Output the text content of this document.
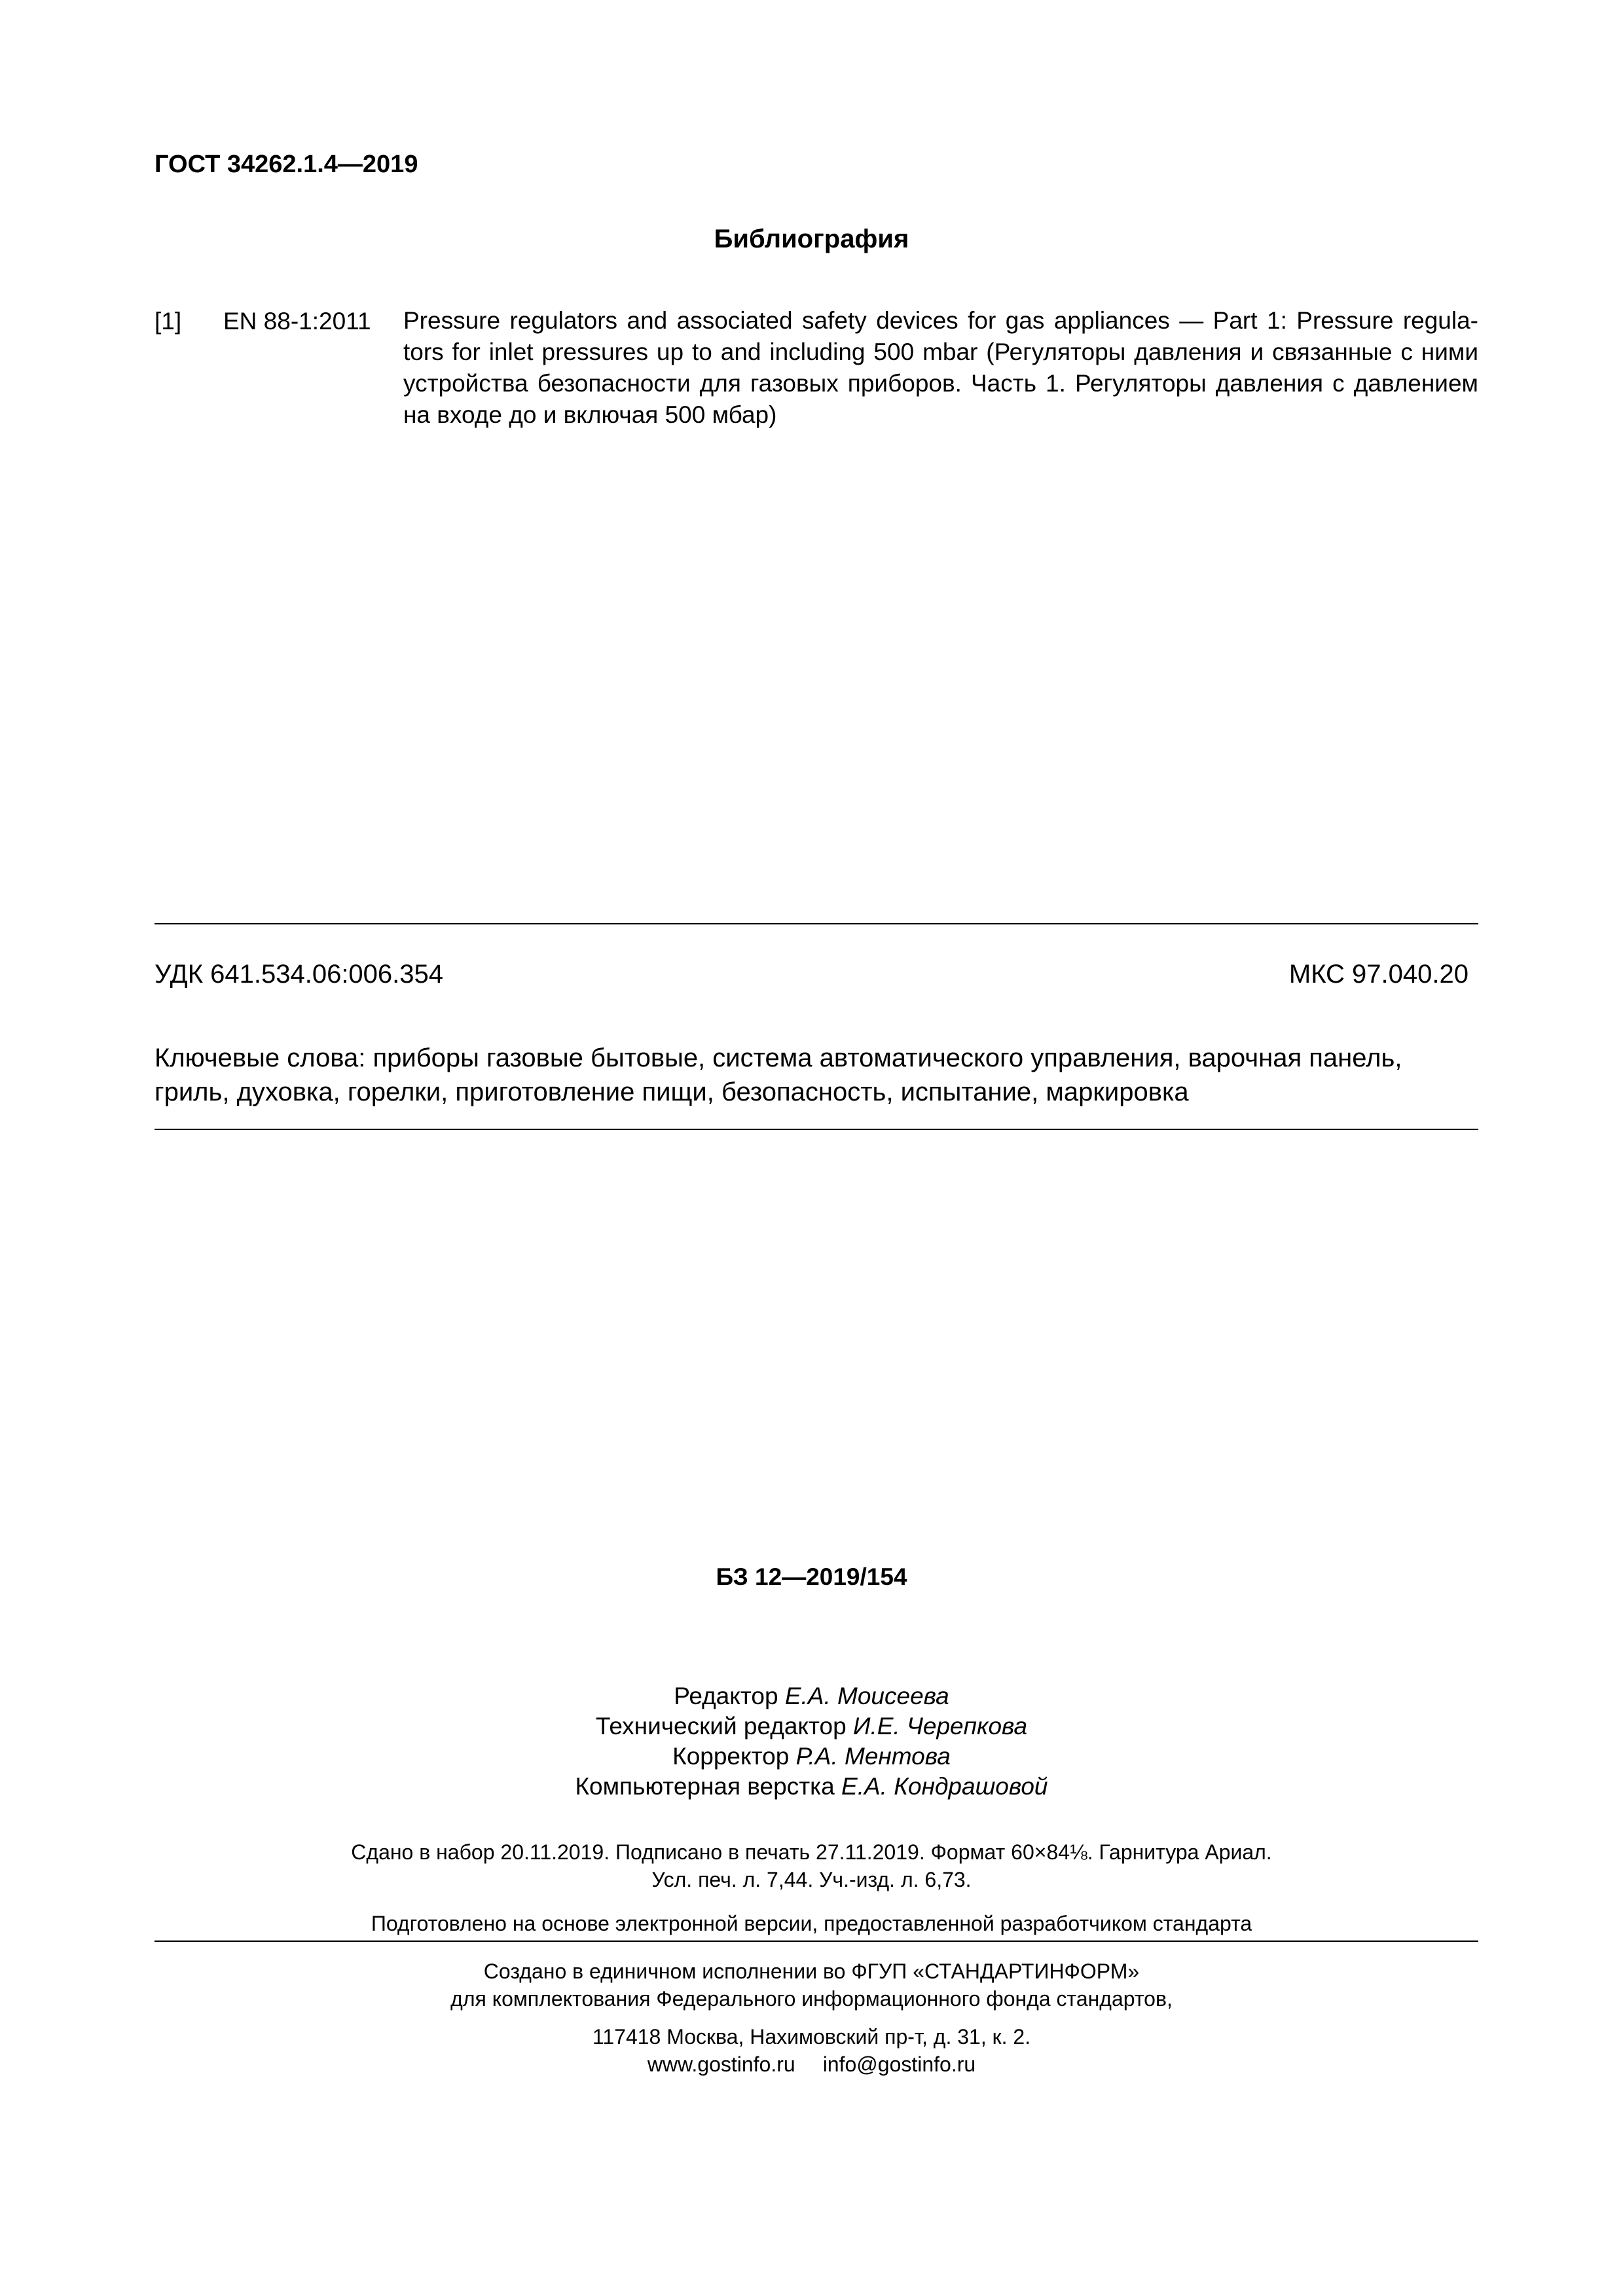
ГОСТ 34262.1.4—2019
Библиография
[1] EN 88-1:2011 Pressure regulators and associated safety devices for gas appliances — Part 1: Pressure regula-
tors for inlet pressures up to and including 500 mbar (Регуляторы давления и связанные с ними
устройства безопасности для газовых приборов. Часть 1. Регуляторы давления с давлением
на входе до и включая 500 мбар)

УДК 641.534.06:006.354	МКС 97.040.20

Ключевые слова: приборы газовые бытовые, система автоматического управления, варочная панель,
гриль, духовка, горелки, приготовление пищи, безопасность, испытание, маркировка

БЗ 12—2019/154
Редактор Е.А. Моисеева
Технический редактор И.Е. Черепкова
Корректор Р.А. Ментова
Компьютерная верстка Е.А. Кондрашовой
Сдано в набор 20.11.2019. Подписано в печать 27.11.2019. Формат 60×84⅛. Гарнитура Ариал.
Усл. печ. л. 7,44. Уч.-изд. л. 6,73.
Подготовлено на основе электронной версии, предоставленной разработчиком стандарта
Создано в единичном исполнении во ФГУП «СТАНДАРТИНФОРМ»
для комплектования Федерального информационного фонда стандартов,
117418 Москва, Нахимовский пр-т, д. 31, к. 2.
www.gostinfo.ru info@gostinfo.ru
